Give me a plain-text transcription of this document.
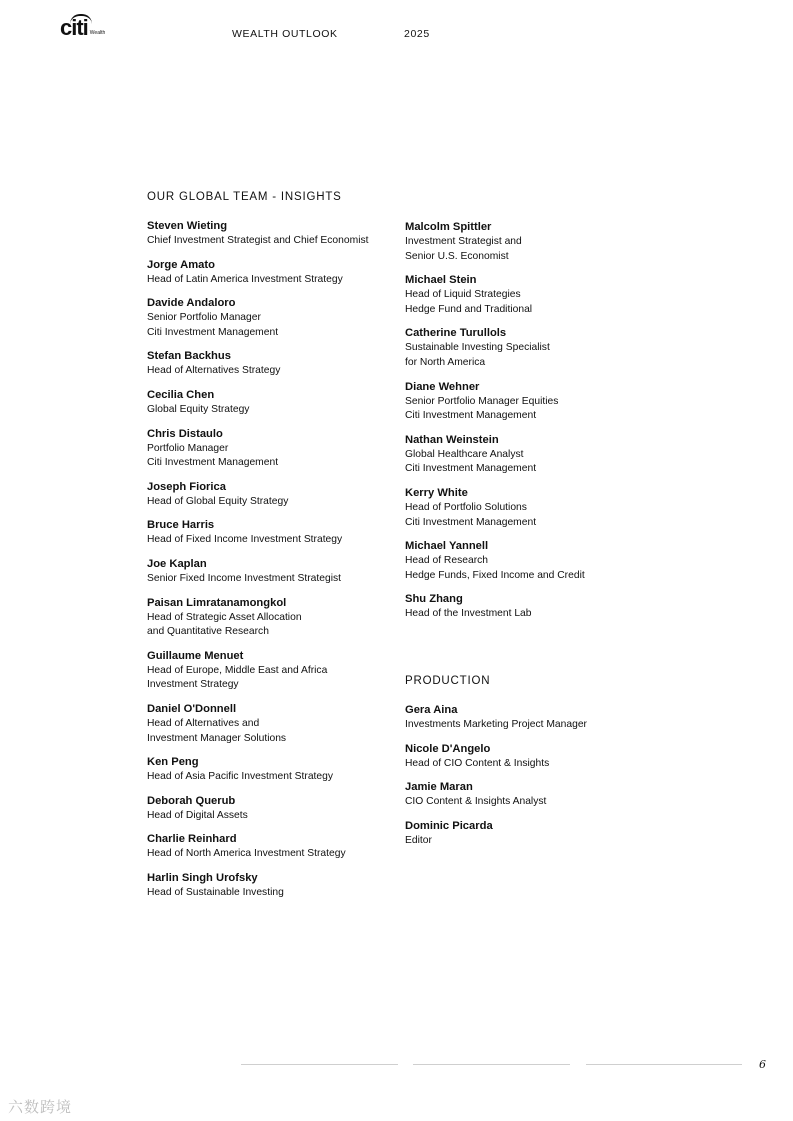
citi Wealth	WEALTH OUTLOOK	2025
OUR GLOBAL TEAM - INSIGHTS
Steven Wieting
Chief Investment Strategist and Chief Economist
Jorge Amato
Head of Latin America Investment Strategy
Davide Andaloro
Senior Portfolio Manager
Citi Investment Management
Stefan Backhus
Head of Alternatives Strategy
Cecilia Chen
Global Equity Strategy
Chris Distaulo
Portfolio Manager
Citi Investment Management
Joseph Fiorica
Head of Global Equity Strategy
Bruce Harris
Head of Fixed Income Investment Strategy
Joe Kaplan
Senior Fixed Income Investment Strategist
Paisan Limratanamongkol
Head of Strategic Asset Allocation
and Quantitative Research
Guillaume Menuet
Head of Europe, Middle East and Africa
Investment Strategy
Daniel O'Donnell
Head of Alternatives and
Investment Manager Solutions
Ken Peng
Head of Asia Pacific Investment Strategy
Deborah Querub
Head of Digital Assets
Charlie Reinhard
Head of North America Investment Strategy
Harlin Singh Urofsky
Head of Sustainable Investing
Malcolm Spittler
Investment Strategist and
Senior U.S. Economist
Michael Stein
Head of Liquid Strategies
Hedge Fund and Traditional
Catherine Turullols
Sustainable Investing Specialist
for North America
Diane Wehner
Senior Portfolio Manager Equities
Citi Investment Management
Nathan Weinstein
Global Healthcare Analyst
Citi Investment Management
Kerry White
Head of Portfolio Solutions
Citi Investment Management
Michael Yannell
Head of Research
Hedge Funds, Fixed Income and Credit
Shu Zhang
Head of the Investment Lab
PRODUCTION
Gera Aina
Investments Marketing Project Manager
Nicole D'Angelo
Head of CIO Content & Insights
Jamie Maran
CIO Content & Insights Analyst
Dominic Picarda
Editor
6
六数跨境
